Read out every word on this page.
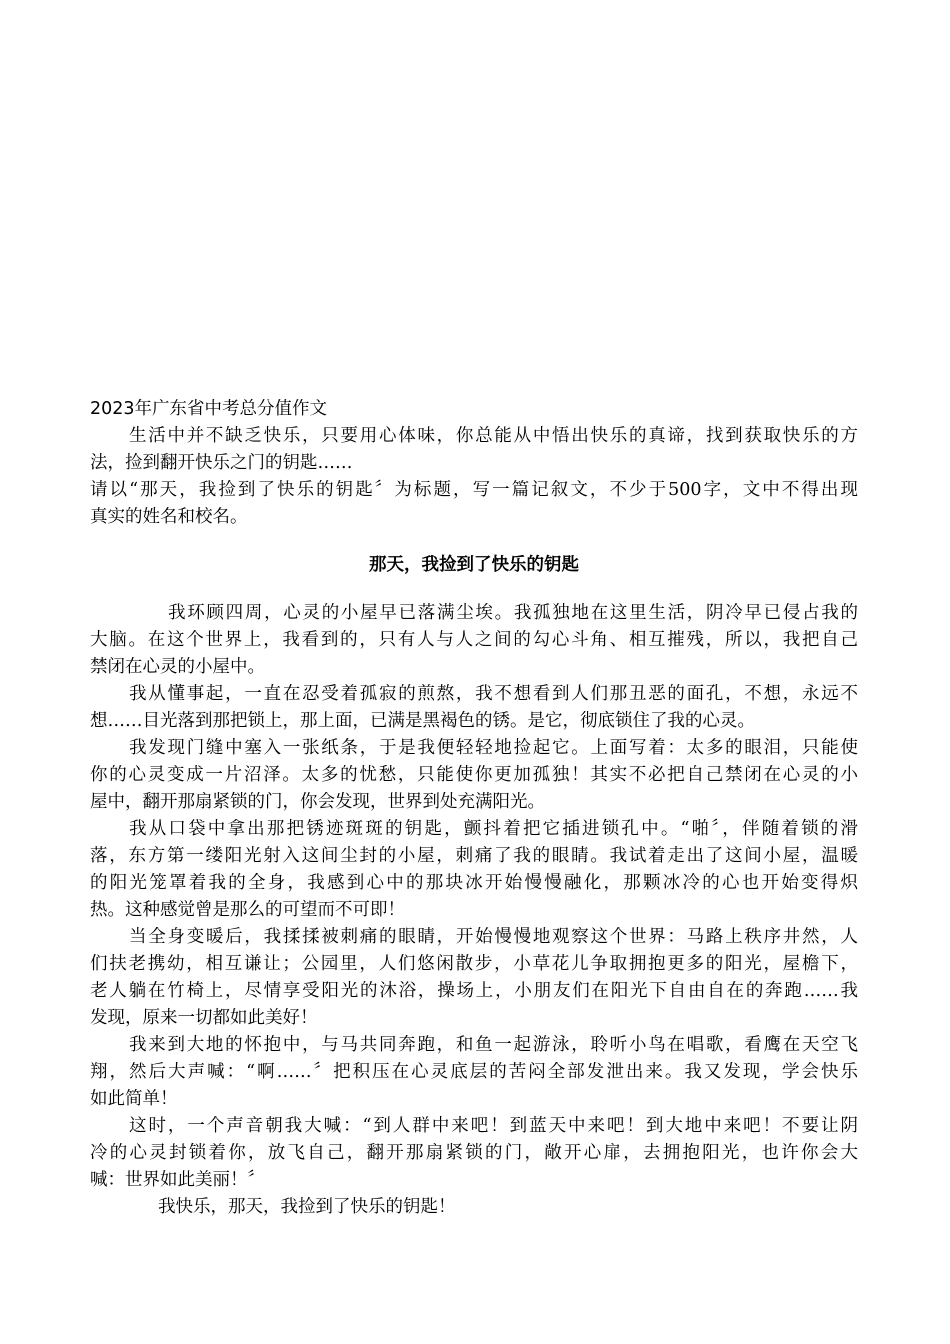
2023年广东省中考总分值作文
生活中并不缺乏快乐，只要用心体味，你总能从中悟出快乐的真谛，找到获取快乐的方
法，捡到翻开快乐之门的钥匙……
请以“那天，我捡到了快乐的钥匙〞为标题，写一篇记叙文，不少于500字，文中不得出现
真实的姓名和校名。
那天，我捡到了快乐的钥匙
我环顾四周，心灵的小屋早已落满尘埃。我孤独地在这里生活，阴冷早已侵占我的
大脑。在这个世界上，我看到的，只有人与人之间的勾心斗角、相互摧残，所以，我把自己
禁闭在心灵的小屋中。
我从懂事起，一直在忍受着孤寂的煎熬，我不想看到人们那丑恶的面孔，不想，永远不
想……目光落到那把锁上，那上面，已满是黑褐色的锈。是它，彻底锁住了我的心灵。
我发现门缝中塞入一张纸条，于是我便轻轻地捡起它。上面写着：太多的眼泪，只能使
你的心灵变成一片沼泽。太多的忧愁，只能使你更加孤独！其实不必把自己禁闭在心灵的小
屋中，翻开那扇紧锁的门，你会发现，世界到处充满阳光。
我从口袋中拿出那把锈迹斑斑的钥匙，颤抖着把它插进锁孔中。“啪〞，伴随着锁的滑
落，东方第一缕阳光射入这间尘封的小屋，刺痛了我的眼睛。我试着走出了这间小屋，温暖
的阳光笼罩着我的全身，我感到心中的那块冰开始慢慢融化，那颗冰冷的心也开始变得炽
热。这种感觉曾是那么的可望而不可即！
当全身变暖后，我揉揉被刺痛的眼睛，开始慢慢地观察这个世界：马路上秩序井然，人
们扶老携幼，相互谦让；公园里，人们悠闲散步，小草花儿争取拥抱更多的阳光，屋檐下，
老人躺在竹椅上，尽情享受阳光的沐浴，操场上，小朋友们在阳光下自由自在的奔跑……我
发现，原来一切都如此美好！
我来到大地的怀抱中，与马共同奔跑，和鱼一起游泳，聆听小鸟在唱歌，看鹰在天空飞
翔，然后大声喊：“啊……〞把积压在心灵底层的苦闷全部发泄出来。我又发现，学会快乐
如此简单！
这时，一个声音朝我大喊：“到人群中来吧！到蓝天中来吧！到大地中来吧！不要让阴
冷的心灵封锁着你，放飞自己，翻开那扇紧锁的门，敞开心扉，去拥抱阳光，也许你会大
喊：世界如此美丽！〞
我快乐，那天，我捡到了快乐的钥匙！
